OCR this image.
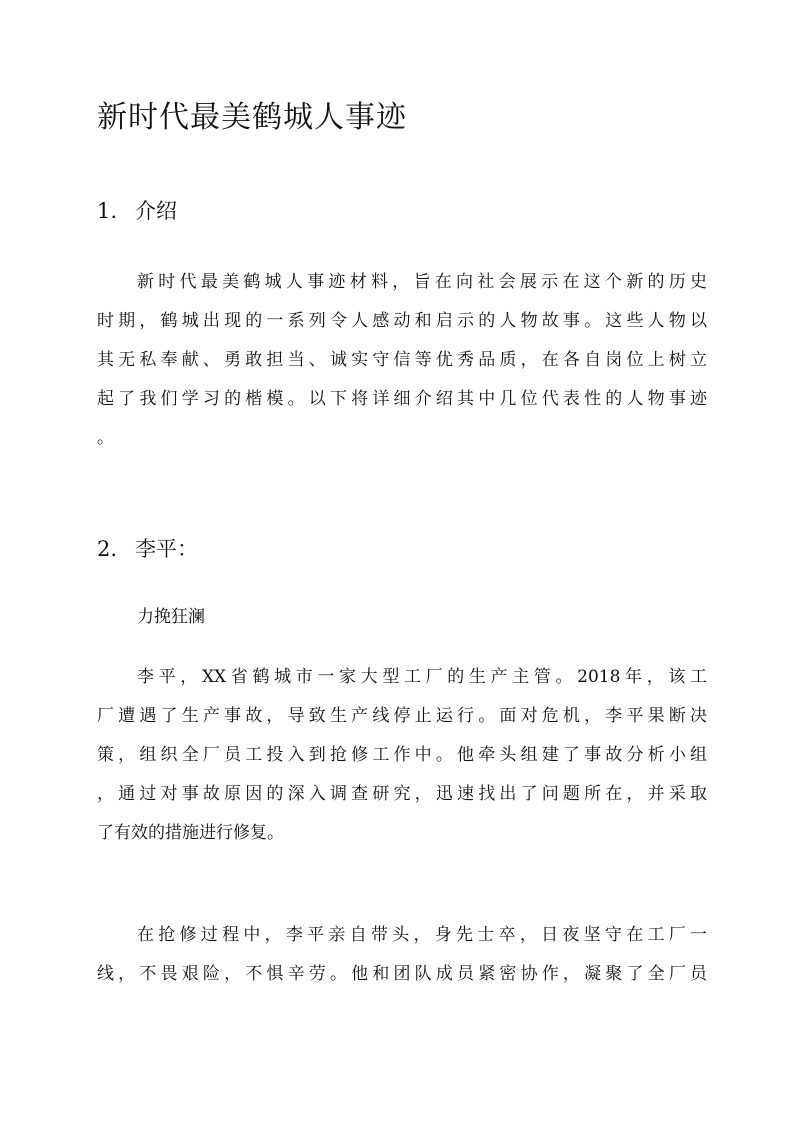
新时代最美鹤城人事迹
1. 介绍
新时代最美鹤城人事迹材料，旨在向社会展示在这个新的历史
时期，鹤城出现的一系列令人感动和启示的人物故事。这些人物以
其无私奉献、勇敢担当、诚实守信等优秀品质，在各自岗位上树立
起了我们学习的楷模。以下将详细介绍其中几位代表性的人物事迹
。
2. 李平：
力挽狂澜
李平，XX省鹤城市一家大型工厂的生产主管。2018年，该工
厂遭遇了生产事故，导致生产线停止运行。面对危机，李平果断决
策，组织全厂员工投入到抢修工作中。他牵头组建了事故分析小组
，通过对事故原因的深入调查研究，迅速找出了问题所在，并采取
了有效的措施进行修复。
在抢修过程中，李平亲自带头，身先士卒，日夜坚守在工厂一
线，不畏艰险，不惧辛劳。他和团队成员紧密协作，凝聚了全厂员
